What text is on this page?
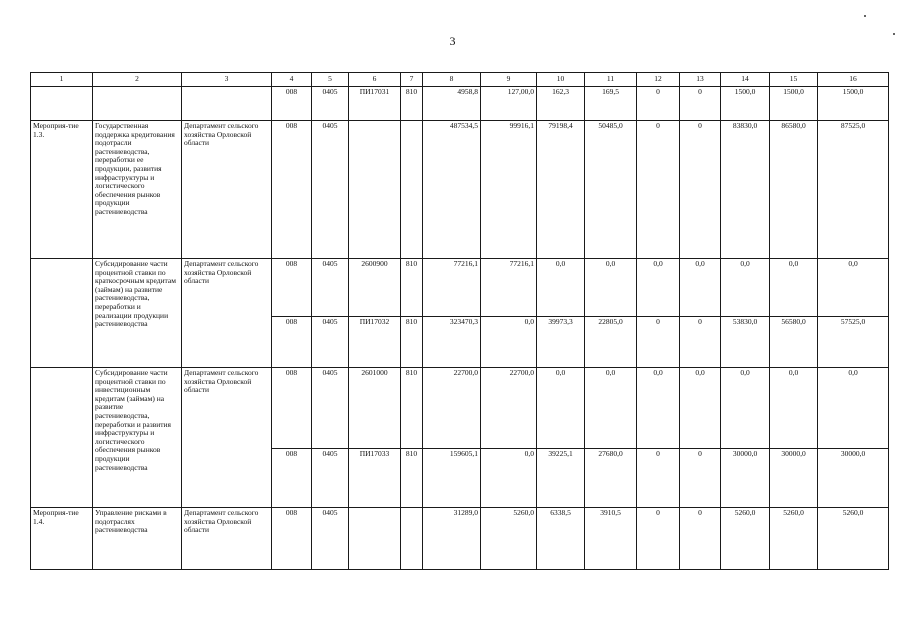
3
1	2	3	4	5	6	7	8	9	10	11	12	13	14	15	16
			008	0405	ПИ17031	810	4958,8	127,00,0	162,3	169,5	0	0	1500,0	1500,0	1500,0
Мероприя-тие 1.3.	Государственная поддержка кредитования подотрасли растениеводства, переработки ее продукции, развития инфраструктуры и логистического обеспечения рынков продукции растениеводства	Департамент сельского хозяйства Орловской области	008	0405			487534,5	99916,1	79198,4	50485,0	0	0	83830,0	86580,0	87525,0
	Субсидирование части процентной ставки по краткосрочным кредитам (займам) на развитие растениеводства, переработки и реализации продукции растениеводства	Департамент сельского хозяйства Орловской области	008	0405	2600900	810	77216,1	77216,1	0,0	0,0	0,0	0,0	0,0	0,0	0,0
			008	0405	ПИ17032	810	323470,3	0,0	39973,3	22805,0	0	0	53830,0	56580,0	57525,0
	Субсидирование части процентной ставки по инвестиционным кредитам (займам) на развитие растениеводства, переработки и развития инфраструктуры и логистического обеспечения рынков продукции растениеводства	Департамент сельского хозяйства Орловской области	008	0405	2601000	810	22700,0	22700,0	0,0	0,0	0,0	0,0	0,0	0,0	0,0
			008	0405	ПИ17033	810	159605,1	0,0	39225,1	27680,0	0	0	30000,0	30000,0	30000,0
Мероприя-тие 1.4.	Управление рисками в подотраслях растениеводства	Департамент сельского хозяйства Орловской области	008	0405			31289,0	5260,0	6338,5	3910,5	0	0	5260,0	5260,0	5260,0
